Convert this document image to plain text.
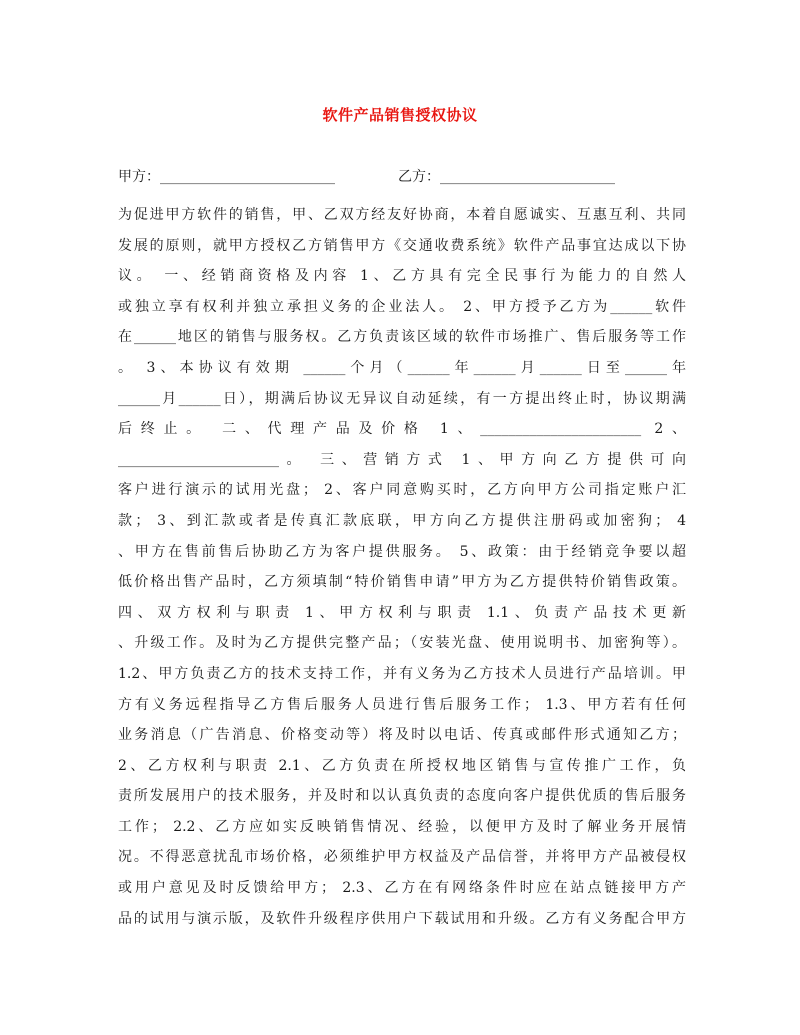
软件产品销售授权协议
甲方：_________________________	乙方：_________________________
为促进甲方软件的销售，甲、乙双方经友好协商，本着自愿诚实、互惠互利、共同
发展的原则，就甲方授权乙方销售甲方《交通收费系统》软件产品事宜达成以下协
议。 一、经销商资格及内容 1、乙方具有完全民事行为能力的自然人
或独立享有权利并独立承担义务的企业法人。 2、甲方授予乙方为______软件
在______地区的销售与服务权。乙方负责该区域的软件市场推广、售后服务等工作
。 3、本协议有效期 ______个月（______年______月______日至______年
______月______日），期满后协议无异议自动延续，有一方提出终止时，协议期满
后终止。 二、代理产品及价格 1、_______________________ 2、
_______________________。 三、营销方式 1、甲方向乙方提供可向
客户进行演示的试用光盘； 2、客户同意购买时，乙方向甲方公司指定账户汇
款； 3、到汇款或者是传真汇款底联，甲方向乙方提供注册码或加密狗； 4
、甲方在售前售后协助乙方为客户提供服务。 5、政策：由于经销竞争要以超
低价格出售产品时，乙方须填制“特价销售申请”甲方为乙方提供特价销售政策。
四、双方权利与职责 1、甲方权利与职责 1.1、负责产品技术更新
、升级工作。及时为乙方提供完整产品；（安装光盘、使用说明书、加密狗等）。
1.2、甲方负责乙方的技术支持工作，并有义务为乙方技术人员进行产品培训。甲
方有义务远程指导乙方售后服务人员进行售后服务工作； 1.3、甲方若有任何
业务消息（广告消息、价格变动等）将及时以电话、传真或邮件形式通知乙方；
2、乙方权利与职责 2.1、乙方负责在所授权地区销售与宣传推广工作，负
责所发展用户的技术服务，并及时和以认真负责的态度向客户提供优质的售后服务
工作； 2.2、乙方应如实反映销售情况、经验，以便甲方及时了解业务开展情
况。不得恶意扰乱市场价格，必须维护甲方权益及产品信誉，并将甲方产品被侵权
或用户意见及时反馈给甲方； 2.3、乙方在有网络条件时应在站点链接甲方产
品的试用与演示版，及软件升级程序供用户下载试用和升级。乙方有义务配合甲方
